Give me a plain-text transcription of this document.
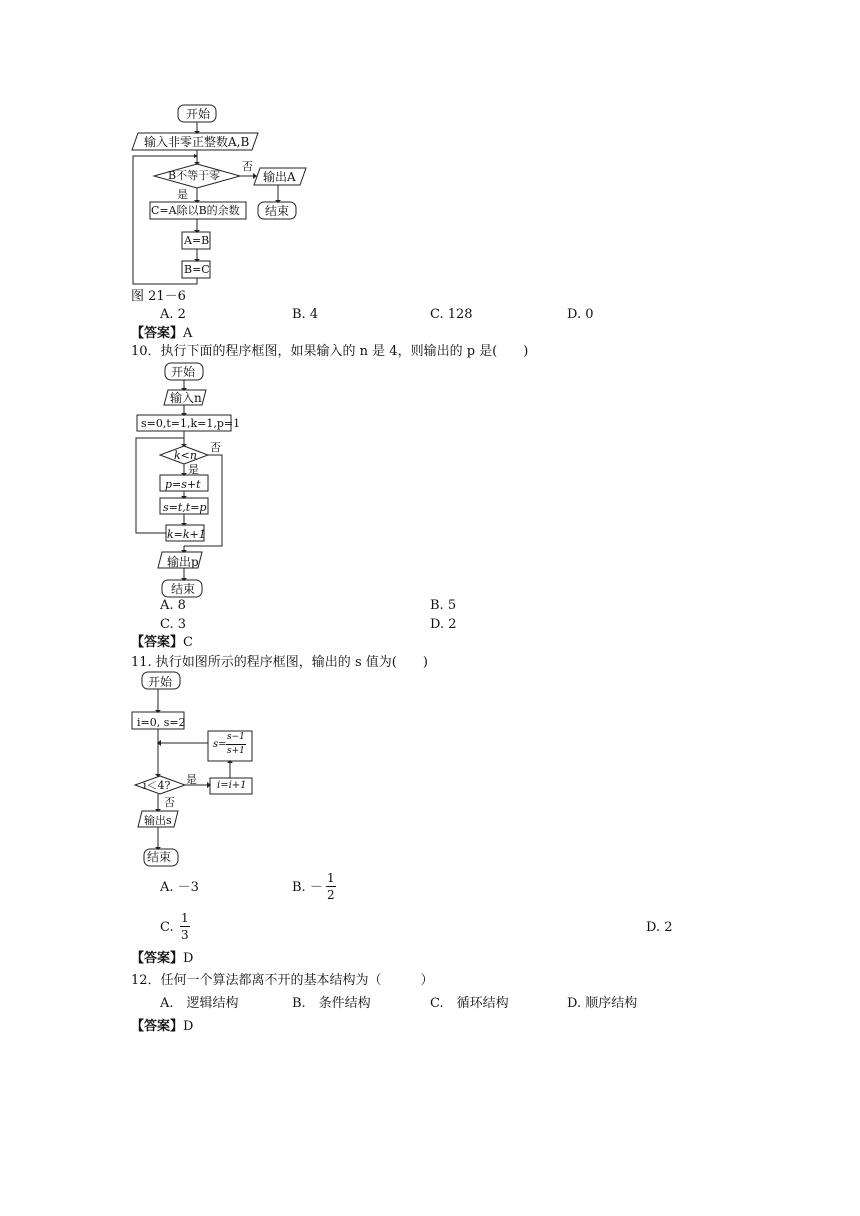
开始
输入非零正整数A,B
B不等于零
否
是
输出A
结束
C=A除以B的余数
A=B
B=C
图 21－6
A. 2	B. 4	C. 128	D. 0
【答案】A
10．执行下面的程序框图，如果输入的 n 是 4，则输出的 p 是(　　)
开始
输入n
s=0,t=1,k=1,p=1
k<n
否
是
p=s+t
s=t,t=p
k=k+1
输出p
结束
A. 8	B. 5
C. 3	D. 2
【答案】C
11. 执行如图所示的程序框图，输出的 s 值为(　　)
开始
i=0, s=2
$s= \frac{s-1}{s+1}$
i＜4? 是 i=i+1
否
输出s
结束
A. －3	B. － $\frac{1}{2}$
C. $\frac{1}{3}$	D. 2
【答案】D
12．任何一个算法都离不开的基本结构为（　　　）
A.　逻辑结构	B.　条件结构	C.　循环结构	D. 顺序结构
【答案】D
